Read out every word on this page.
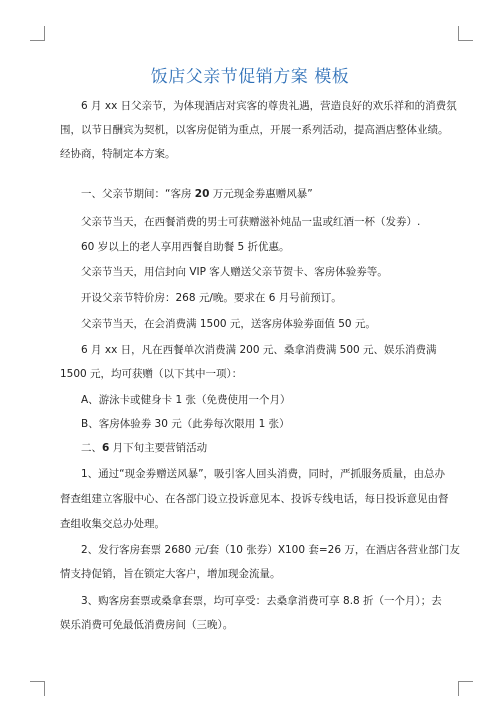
饭店父亲节促销方案 模板
6 月 xx 日父亲节，为体现酒店对宾客的尊贵礼遇，营造良好的欢乐祥和的消费氛
围，以节日酬宾为契机，以客房促销为重点，开展一系列活动，提高酒店整体业绩。
经协商，特制定本方案。
一、父亲节期间：“客房 20 万元现金劵惠赠风暴”
父亲节当天，在西餐消费的男士可获赠滋补炖品一盅或红酒一杯（发劵）.
60 岁以上的老人享用西餐自助餐 5 折优惠。
父亲节当天，用信封向 VIP 客人赠送父亲节贺卡、客房体验劵等。
开设父亲节特价房：268 元/晚。要求在 6 月号前预订。
父亲节当天，在会消费满 1500 元，送客房体验劵面值 50 元。
6 月 xx 日，凡在西餐单次消费满 200 元、桑拿消费满 500 元、娱乐消费满
1500 元，均可获赠（以下其中一项）：
A、游泳卡或健身卡 1 张（免费使用一个月）
B、客房体验劵 30 元（此劵每次限用 1 张）
二、6 月下旬主要营销活动
1、通过“现金劵赠送风暴”，吸引客人回头消费，同时，严抓服务质量，由总办
督查组建立客服中心、在各部门设立投诉意见本、投诉专线电话，每日投诉意见由督
查组收集交总办处理。
2、发行客房套票 2680 元/套（10 张券）X100 套=26 万，在酒店各营业部门友
情支持促销，旨在锁定大客户，增加现金流量。
3、购客房套票或桑拿套票，均可享受：去桑拿消费可享 8.8 折（一个月）；去
娱乐消费可免最低消费房间（三晚）。
